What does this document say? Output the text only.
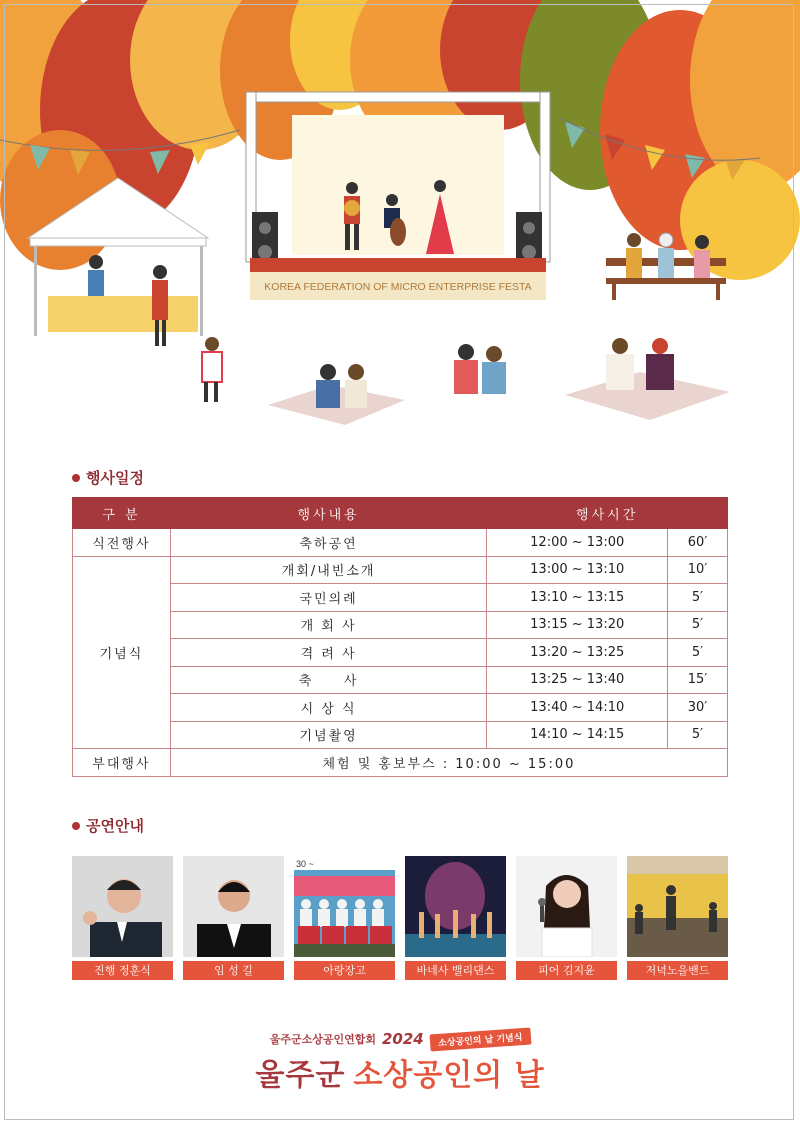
KOREA FEDERATION OF MICRO ENTERPRISE FESTA
행사일정
구 분	행사내용	행사시간	
식전행사	축하공연	12:00 ~ 13:00	60′
기념식	개회/내빈소개	13:00 ~ 13:10	10′
	국민의례	13:10 ~ 13:15	5′
	개 회 사	13:15 ~ 13:20	5′
	격 려 사	13:20 ~ 13:25	5′
	축     사	13:25 ~ 13:40	15′
	시 상 식	13:40 ~ 14:10	30′
	기념촬영	14:10 ~ 14:15	5′
부대행사	체험 및 홍보부스 : 10:00 ~ 15:00		
공연안내
진행 정훈식	임 성 길
30 ~
아랑장고	바네사 밸리댄스	피어 김지윤	저녁노을밴드
울주군소상공인연합회 2024	소상공인의 날 기념식
울주군 소상공인의 날
